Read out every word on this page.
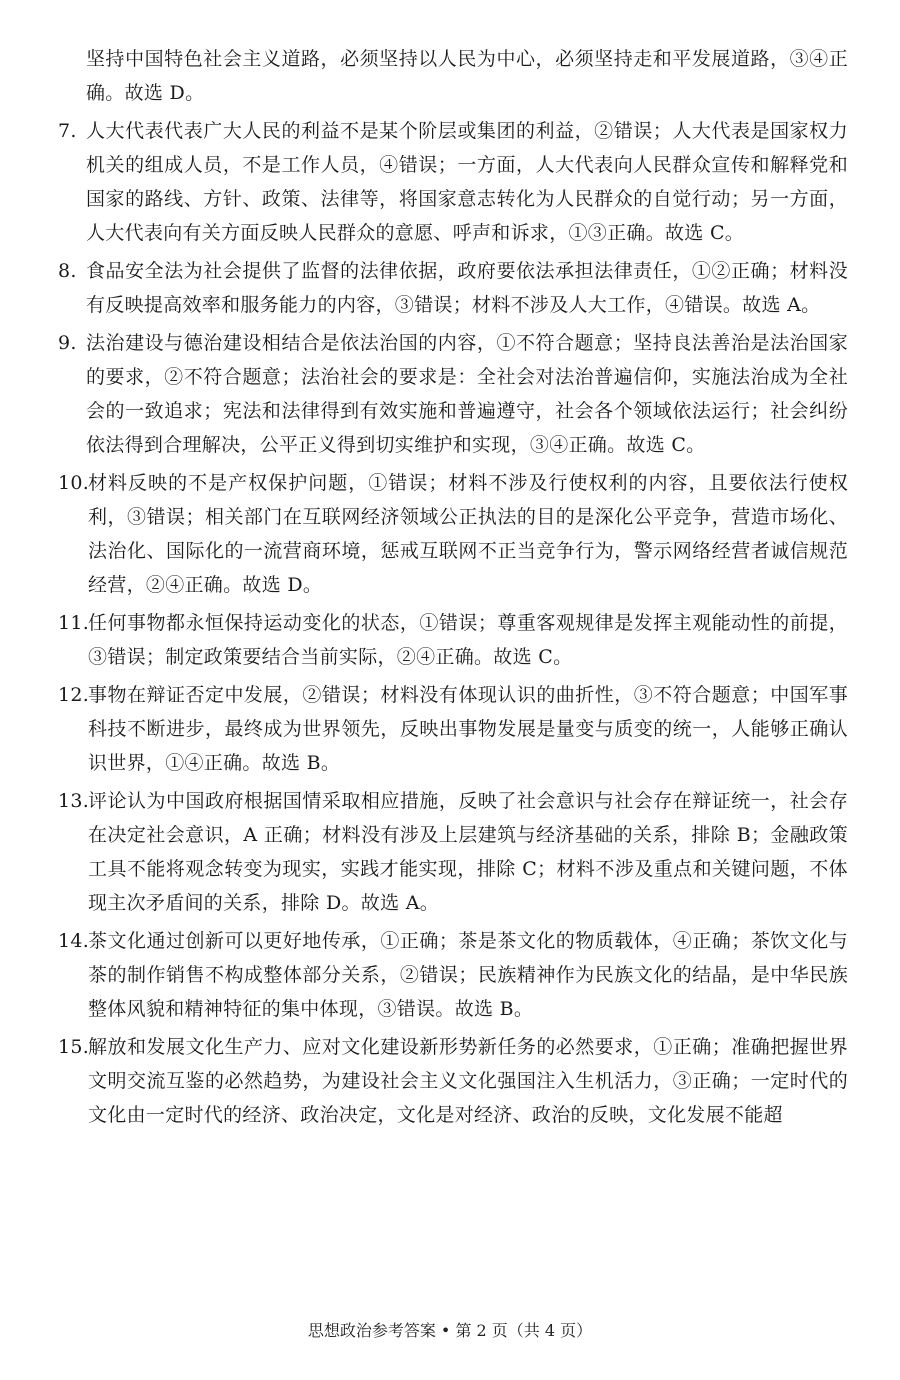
坚持中国特色社会主义道路，必须坚持以人民为中心，必须坚持走和平发展道路，③④正确。故选 D。

7. 人大代表代表广大人民的利益不是某个阶层或集团的利益，②错误；人大代表是国家权力机关的组成人员，不是工作人员，④错误；一方面，人大代表向人民群众宣传和解释党和国家的路线、方针、政策、法律等，将国家意志转化为人民群众的自觉行动；另一方面，人大代表向有关方面反映人民群众的意愿、呼声和诉求，①③正确。故选 C。
8. 食品安全法为社会提供了监督的法律依据，政府要依法承担法律责任，①②正确；材料没有反映提高效率和服务能力的内容，③错误；材料不涉及人大工作，④错误。故选 A。
9. 法治建设与德治建设相结合是依法治国的内容，①不符合题意；坚持良法善治是法治国家的要求，②不符合题意；法治社会的要求是：全社会对法治普遍信仰，实施法治成为全社会的一致追求；宪法和法律得到有效实施和普遍遵守，社会各个领域依法运行；社会纠纷依法得到合理解决，公平正义得到切实维护和实现，③④正确。故选 C。
10.
材料反映的不是产权保护问题，①错误；材料不涉及行使权利的内容，且要依法行使权利，③错误；相关部门在互联网经济领域公正执法的目的是深化公平竞争，营造市场化、法治化、国际化的一流营商环境，惩戒互联网不正当竞争行为，警示网络经营者诚信规范经营，②④正确。故选 D。
11.
任何事物都永恒保持运动变化的状态，①错误；尊重客观规律是发挥主观能动性的前提，③错误；制定政策要结合当前实际，②④正确。故选 C。
12.
事物在辩证否定中发展，②错误；材料没有体现认识的曲折性，③不符合题意；中国军事科技不断进步，最终成为世界领先，反映出事物发展是量变与质变的统一，人能够正确认识世界，①④正确。故选 B。
13.
评论认为中国政府根据国情采取相应措施，反映了社会意识与社会存在辩证统一，社会存在决定社会意识，A 正确；材料没有涉及上层建筑与经济基础的关系，排除 B；金融政策工具不能将观念转变为现实，实践才能实现，排除 C；材料不涉及重点和关键问题，不体现主次矛盾间的关系，排除 D。故选 A。
14.
茶文化通过创新可以更好地传承，①正确；茶是茶文化的物质载体，④正确；茶饮文化与茶的制作销售不构成整体部分关系，②错误；民族精神作为民族文化的结晶，是中华民族整体风貌和精神特征的集中体现，③错误。故选 B。
15.
解放和发展文化生产力、应对文化建设新形势新任务的必然要求，①正确；准确把握世界文明交流互鉴的必然趋势，为建设社会主义文化强国注入生机活力，③正确；一定时代的文化由一定时代的经济、政治决定，文化是对经济、政治的反映，文化发展不能超
思想政治参考答案 • 第 2 页（共 4 页）
